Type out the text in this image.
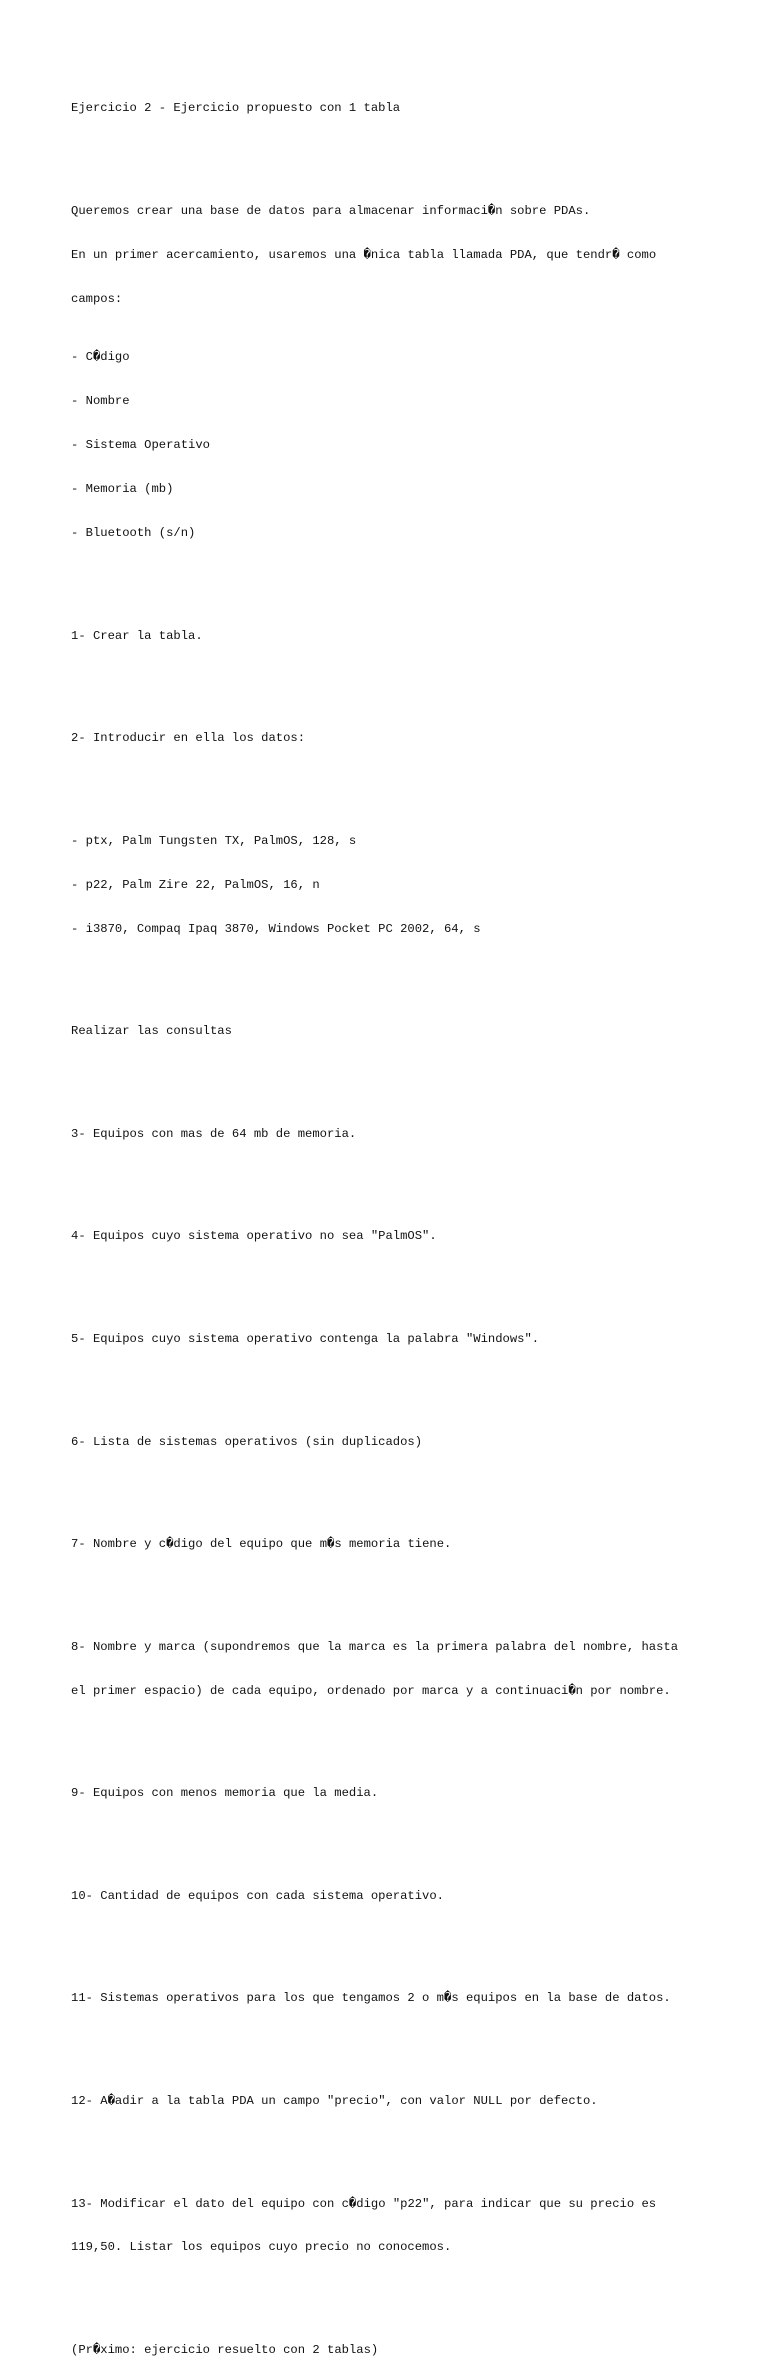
Ejercicio 2 - Ejercicio propuesto con 1 tabla

Queremos crear una base de datos para almacenar informaci�n sobre PDAs.

En un primer acercamiento, usaremos una �nica tabla llamada PDA, que tendr� como

campos:

- C�digo

- Nombre

- Sistema Operativo

- Memoria (mb)

- Bluetooth (s/n)

1- Crear la tabla.

2- Introducir en ella los datos:

- ptx, Palm Tungsten TX, PalmOS, 128, s

- p22, Palm Zire 22, PalmOS, 16, n

- i3870, Compaq Ipaq 3870, Windows Pocket PC 2002, 64, s

Realizar las consultas

3- Equipos con mas de 64 mb de memoria.

4- Equipos cuyo sistema operativo no sea "PalmOS".

5- Equipos cuyo sistema operativo contenga la palabra "Windows".

6- Lista de sistemas operativos (sin duplicados)

7- Nombre y c�digo del equipo que m�s memoria tiene.

8- Nombre y marca (supondremos que la marca es la primera palabra del nombre, hasta

el primer espacio) de cada equipo, ordenado por marca y a continuaci�n por nombre.

9- Equipos con menos memoria que la media.

10- Cantidad de equipos con cada sistema operativo.

11- Sistemas operativos para los que tengamos 2 o m�s equipos en la base de datos.

12- A�adir a la tabla PDA un campo "precio", con valor NULL por defecto.

13- Modificar el dato del equipo con c�digo "p22", para indicar que su precio es

119,50. Listar los equipos cuyo precio no conocemos.

(Pr�ximo: ejercicio resuelto con 2 tablas)
